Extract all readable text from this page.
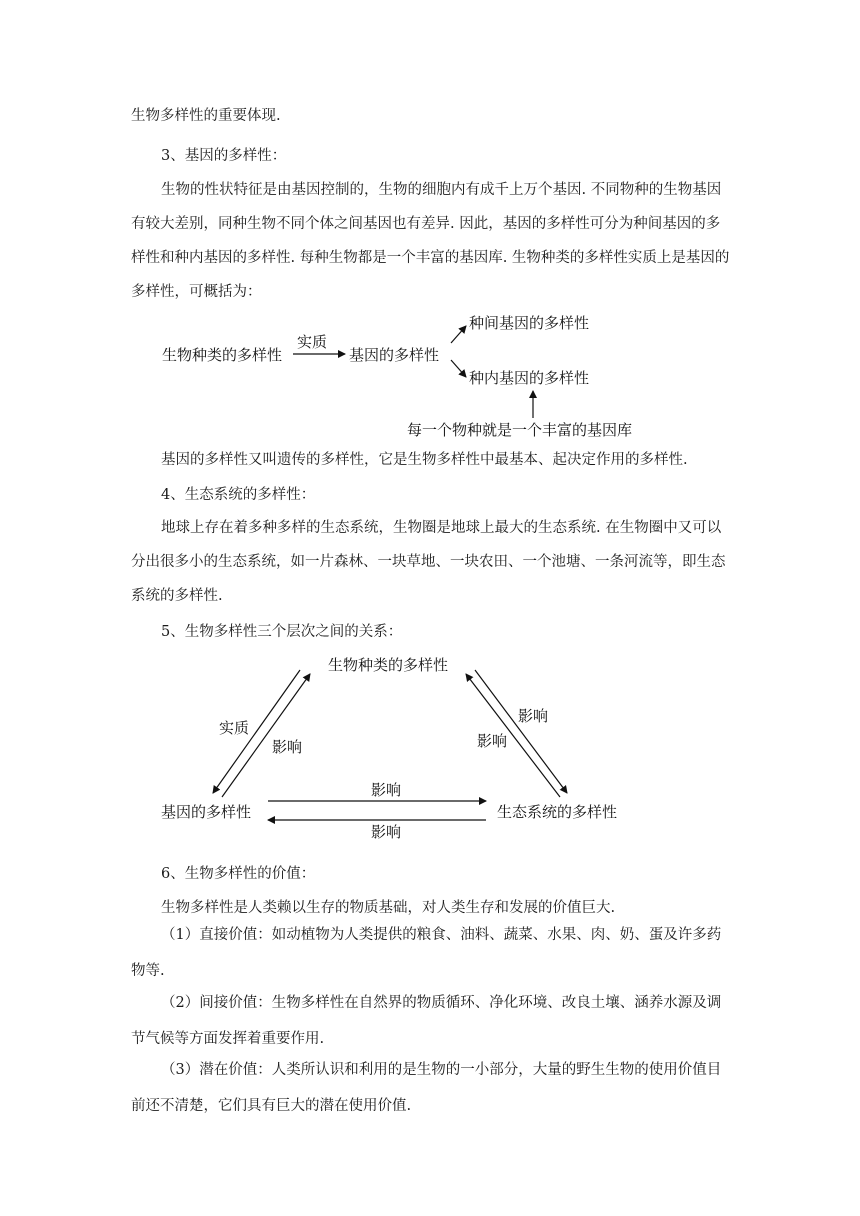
生物多样性的重要体现.

3、基因的多样性：

生物的性状特征是由基因控制的，生物的细胞内有成千上万个基因. 不同物种的生物基因有较大差别，同种生物不同个体之间基因也有差异. 因此，基因的多样性可分为种间基因的多样性和种内基因的多样性. 每种生物都是一个丰富的基因库. 生物种类的多样性实质上是基因的多样性，可概括为：

生物种类的多样性
实质
基因的多样性
种间基因的多样性
种内基因的多样性
每一个物种就是一个丰富的基因库
生物种类的多样性
基因的多样性	生态系统的多样性
实质
影响
影响
影响
影响
影响

基因的多样性又叫遗传的多样性，它是生物多样性中最基本、起决定作用的多样性.

4、生态系统的多样性：

地球上存在着多种多样的生态系统，生物圈是地球上最大的生态系统. 在生物圈中又可以分出很多小的生态系统，如一片森林、一块草地、一块农田、一个池塘、一条河流等，即生态系统的多样性.

5、生物多样性三个层次之间的关系：

6、生物多样性的价值：

生物多样性是人类赖以生存的物质基础，对人类生存和发展的价值巨大.

（1）直接价值：如动植物为人类提供的粮食、油料、蔬菜、水果、肉、奶、蛋及许多药物等.

（2）间接价值：生物多样性在自然界的物质循环、净化环境、改良土壤、涵养水源及调节气候等方面发挥着重要作用.

（3）潜在价值：人类所认识和利用的是生物的一小部分，大量的野生生物的使用价值目前还不清楚，它们具有巨大的潜在使用价值.
